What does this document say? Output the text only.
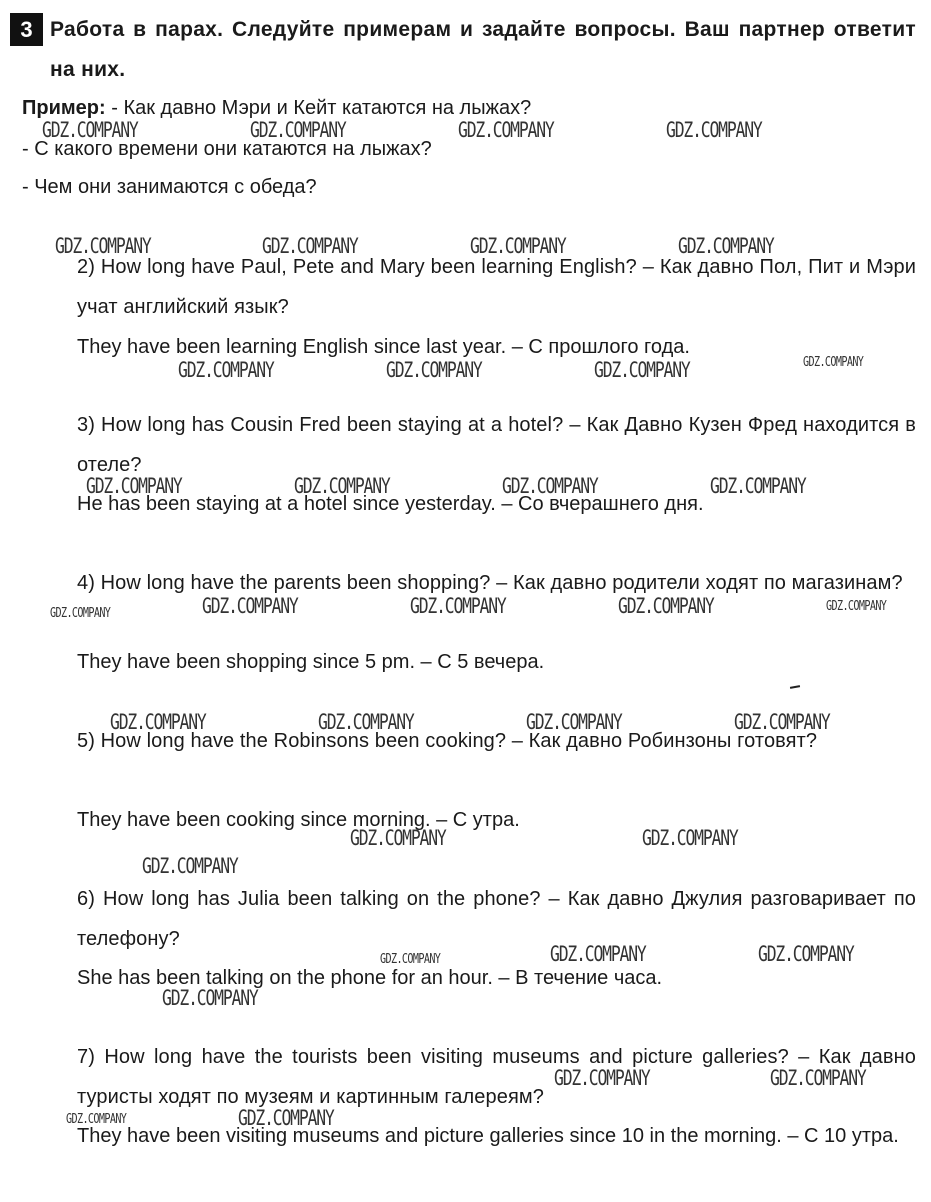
3 Работа в парах. Следуйте примерам и задайте вопросы. Ваш партнер ответит на них.
Пример: - Как давно Мэри и Кейт катаются на лыжах?
- С какого времени они катаются на лыжах?
- Чем они занимаются с обеда?
2) How long have Paul, Pete and Mary been learning English? – Как давно Пол, Пит и Мэри учат английский язык?
They have been learning English since last year. – С прошлого года.
3) How long has Cousin Fred been staying at a hotel? – Как Давно Кузен Фред находится в отеле?
He has been staying at a hotel since yesterday. – Со вчерашнего дня.
4) How long have the parents been shopping? – Как давно родители ходят по магазинам?
They have been shopping since 5 pm. – С 5 вечера.
5) How long have the Robinsons been cooking? – Как давно Робинзоны готовят?
They have been cooking since morning. – С утра.
6) How long has Julia been talking on the phone? – Как давно Джулия разговаривает по телефону?
She has been talking on the phone for an hour. – В течение часа.
7) How long have the tourists been visiting museums and picture galleries? – Как давно туристы ходят по музеям и картинным галереям?
They have been visiting museums and picture galleries since 10 in the morning. – С 10 утра.
GDZ.COMPANY	GDZ.COMPANY	GDZ.COMPANY	GDZ.COMPANY
GDZ.COMPANY	GDZ.COMPANY	GDZ.COMPANY	GDZ.COMPANY
GDZ.COMPANY	GDZ.COMPANY	GDZ.COMPANY	GDZ.COMPANY
GDZ.COMPANY	GDZ.COMPANY	GDZ.COMPANY	GDZ.COMPANY
GDZ.COMPANY	GDZ.COMPANY	GDZ.COMPANY	GDZ.COMPANY	GDZ.COMPANY
GDZ.COMPANY	GDZ.COMPANY	GDZ.COMPANY	GDZ.COMPANY
GDZ.COMPANY	GDZ.COMPANY
GDZ.COMPANY
GDZ.COMPANY	GDZ.COMPANY	GDZ.COMPANY
GDZ.COMPANY
GDZ.COMPANY	GDZ.COMPANY
GDZ.COMPANY	GDZ.COMPANY
